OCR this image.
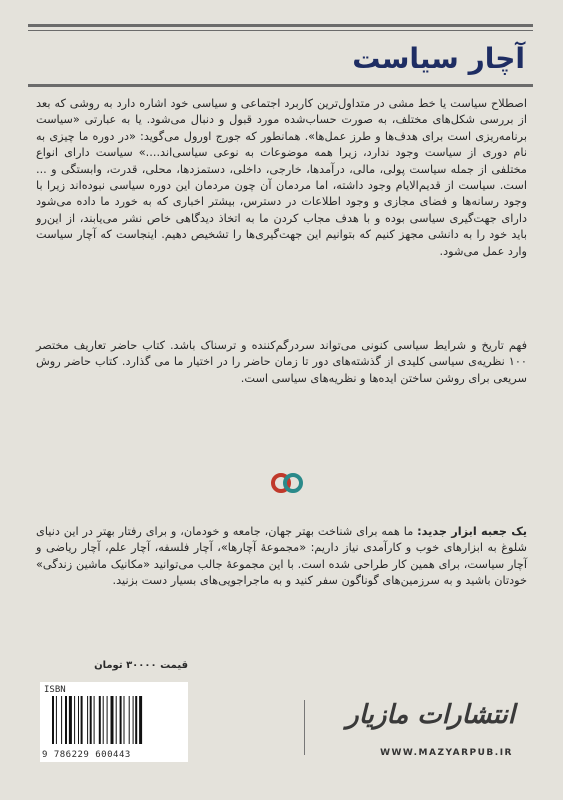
آچار سیاست

اصطلاح سیاست یا خط مشی در متداول‌ترین کاربرد اجتماعی و سیاسی خود اشاره دارد به روشی که بعد از بررسی شکل‌های مختلف، به صورت حساب‌شده مورد قبول و دنبال می‌شود. یا به عبارتی «سیاست برنامه‌ریزی است برای هدف‌ها و طرز عمل‌ها». همانطور که جورج اورول می‌گوید: «در دوره ما چیزی به نام دوری از سیاست وجود ندارد، زیرا همه موضوعات به نوعی سیاسی‌اند....» سیاست دارای انواع مختلفی از جمله سیاست پولی، مالی، درآمدها، خارجی، داخلی، دستمزدها، محلی، قدرت، وابستگی و ... است. سیاست از قدیم‌الایام وجود داشته، اما مردمان آن چون مردمان این دوره سیاسی نبوده‌اند زیرا با وجود رسانه‌ها و فضای مجازی و وجود اطلاعات در دسترس، بیشتر اخباری که به خورد ما داده می‌شود دارای جهت‌گیری سیاسی بوده و با هدف مجاب کردن ما به اتخاذ دیدگاهی خاص نشر می‌یابند، از این‌رو باید خود را به دانشی مجهز کنیم که بتوانیم این جهت‌گیری‌ها را تشخیص دهیم. اینجاست که آچار سیاست وارد عمل می‌شود.

فهم تاریخ و شرایط سیاسی کنونی می‌تواند سردرگم‌کننده و ترسناک باشد. کتاب حاضر تعاریف مختصر ۱۰۰ نظریه‌ی سیاسی کلیدی از گذشته‌های دور تا زمان حاضر را در اختیار ما می گذارد. کتاب حاضر روش سریعی برای روشن ساختن ایده‌ها و نظریه‌های سیاسی است.

یک جعبه ابزار جدید: ما همه برای شناخت بهتر جهان، جامعه و خودمان، و برای رفتار بهتر در این دنیای شلوغ به ابزارهای خوب و کارآمدی نیاز داریم: «مجموعهٔ آچارها»، آچار فلسفه، آچار علم، آچار ریاضی و آچار سیاست، برای همین کار طراحی شده است. با این مجموعهٔ جالب می‌توانید «مکانیک ماشین زندگی» خودتان باشید و به سرزمین‌های گوناگون سفر کنید و به ماجراجویی‌های بسیار دست بزنید.

قیمت ۳۰۰۰۰ تومان
ISBN
9 786229 600443
انتشارات مازیار
WWW.MAZYARPUB.IR
